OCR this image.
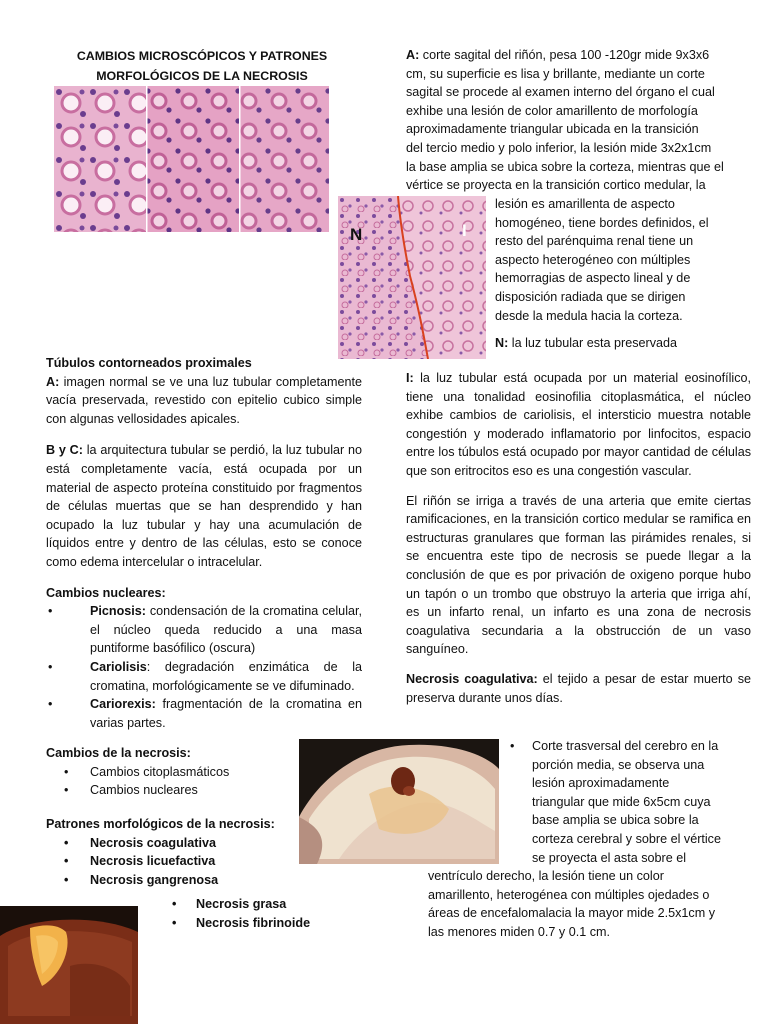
CAMBIOS MICROSCÓPICOS Y PATRONES
MORFOLÓGICOS DE LA NECROSIS
N	I
Túbulos contorneados proximales
A: imagen normal se ve una luz tubular completamente vacía preservada, revestido con epitelio cubico simple con algunas vellosidades apicales.
B y C: la arquitectura tubular se perdió, la luz tubular no está completamente vacía, está ocupada por un material de aspecto proteína constituido por fragmentos de células muertas que se han desprendido y han ocupado la luz tubular y hay una acumulación de líquidos entre y dentro de las células, esto se conoce como edema intercelular o intracelular.
Cambios nucleares:
• Picnosis: condensación de la cromatina celular, el núcleo queda reducido a una masa puntiforme basófilico (oscura)
• Cariolisis: degradación enzimática de la cromatina, morfológicamente se ve difuminado.
• Cariorexis: fragmentación de la cromatina en varias partes.
Cambios de la necrosis:
• Cambios citoplasmáticos
• Cambios nucleares
Patrones morfológicos de la necrosis:
• Necrosis coagulativa
• Necrosis licuefactiva
• Necrosis gangrenosa
• Necrosis grasa
• Necrosis fibrinoide
A: corte sagital del riñón, pesa 100 -120gr mide 9x3x6
cm, su superficie es lisa y brillante, mediante un corte
sagital se procede al examen interno del órgano el cual
exhibe una lesión de color amarillento de morfología
aproximadamente triangular ubicada en la transición
del tercio medio y polo inferior, la lesión mide 3x2x1cm
la base amplia se ubica sobre la corteza, mientras que el
vértice se proyecta en la transición cortico medular, la
lesión es amarillenta de aspecto
homogéneo, tiene bordes definidos, el
resto del parénquima renal tiene un
aspecto heterogéneo con múltiples
hemorragias de aspecto lineal y de
disposición radiada que se dirigen
desde la medula hacia la corteza.
N: la luz tubular esta preservada
I: la luz tubular está ocupada por un material eosinofílico, tiene una tonalidad eosinofilia citoplasmática, el núcleo exhibe cambios de cariolisis, el intersticio muestra notable congestión y moderado inflamatorio por linfocitos, espacio entre los túbulos está ocupado por mayor cantidad de células que son eritrocitos eso es una congestión vascular.
El riñón se irriga a través de una arteria que emite ciertas ramificaciones, en la transición cortico medular se ramifica en estructuras granulares que forman las pirámides renales, si se encuentra este tipo de necrosis se puede llegar a la conclusión de que es por privación de oxigeno porque hubo un tapón o un trombo que obstruyo la arteria que irriga ahí, es un infarto renal, un infarto es una zona de necrosis coagulativa secundaria a la obstrucción de un vaso sanguíneo.
Necrosis coagulativa: el tejido a pesar de estar muerto se preserva durante unos días.
• Corte trasversal del cerebro en la
porción media, se observa una
lesión aproximadamente
triangular que mide 6x5cm cuya
base amplia se ubica sobre la
corteza cerebral y sobre el vértice
se proyecta el asta sobre el
ventrículo derecho, la lesión tiene un color
amarillento, heterogénea con múltiples ojedades o
áreas de encefalomalacia la mayor mide 2.5x1cm y
las menores miden 0.7 y 0.1 cm.
